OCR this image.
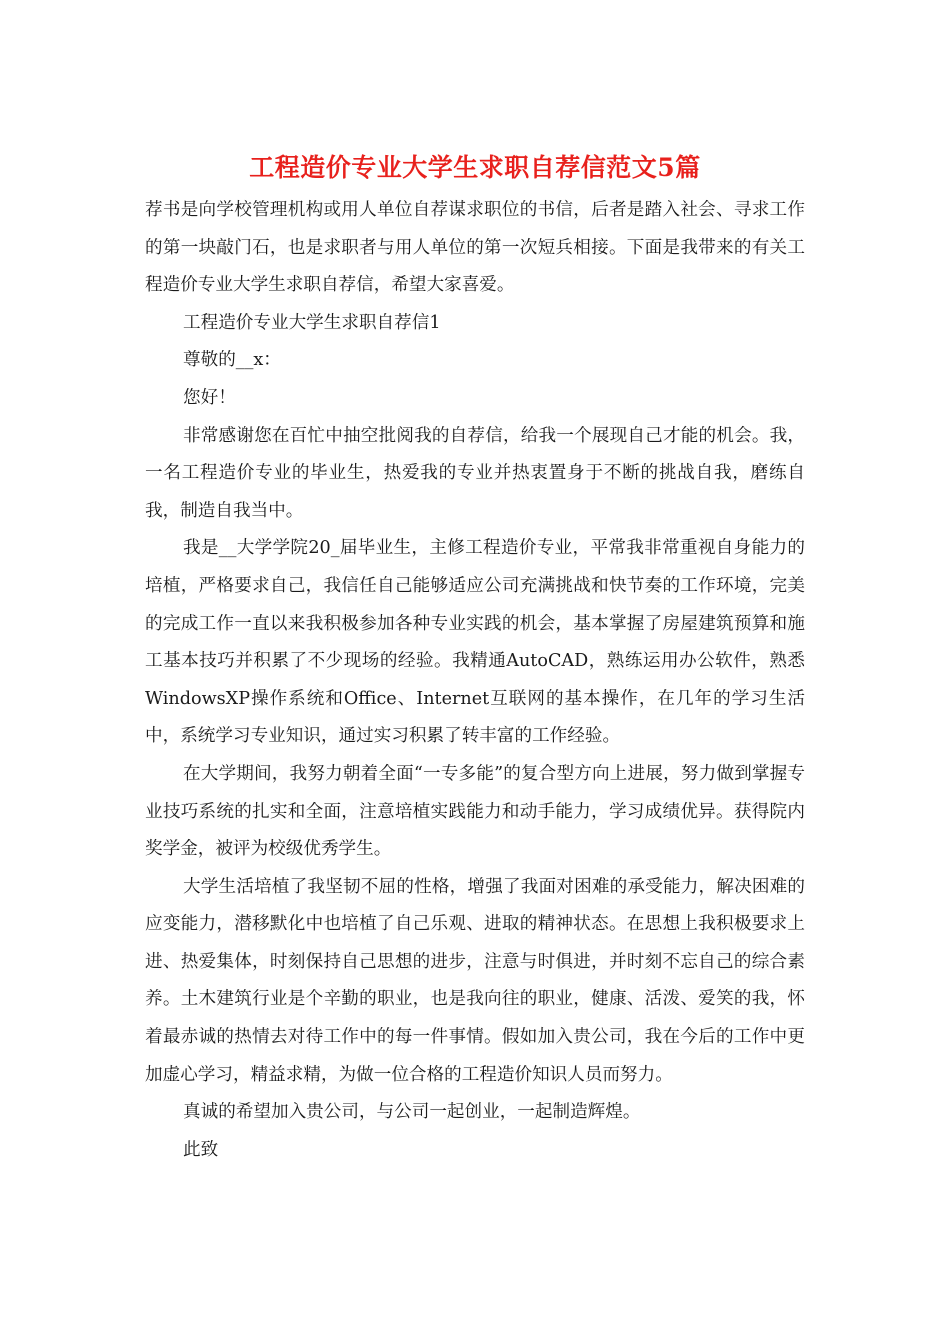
工程造价专业大学生求职自荐信范文5篇

荐书是向学校管理机构或用人单位自荐谋求职位的书信，后者是踏入社会、寻求工作的第一块敲门石，也是求职者与用人单位的第一次短兵相接。下面是我带来的有关工程造价专业大学生求职自荐信，希望大家喜爱。

工程造价专业大学生求职自荐信1

尊敬的__x：

您好！

非常感谢您在百忙中抽空批阅我的自荐信，给我一个展现自己才能的机会。我，一名工程造价专业的毕业生，热爱我的专业并热衷置身于不断的挑战自我，磨练自我，制造自我当中。

我是__大学学院20_届毕业生，主修工程造价专业，平常我非常重视自身能力的培植，严格要求自己，我信任自己能够适应公司充满挑战和快节奏的工作环境，完美的完成工作一直以来我积极参加各种专业实践的机会，基本掌握了房屋建筑预算和施工基本技巧并积累了不少现场的经验。我精通AutoCAD，熟练运用办公软件，熟悉WindowsXP操作系统和Office、Internet互联网的基本操作，在几年的学习生活中，系统学习专业知识，通过实习积累了转丰富的工作经验。

在大学期间，我努力朝着全面“一专多能”的复合型方向上进展，努力做到掌握专业技巧系统的扎实和全面，注意培植实践能力和动手能力，学习成绩优异。获得院内奖学金，被评为校级优秀学生。

大学生活培植了我坚韧不屈的性格，增强了我面对困难的承受能力，解决困难的应变能力，潜移默化中也培植了自己乐观、进取的精神状态。在思想上我积极要求上进、热爱集体，时刻保持自己思想的进步，注意与时俱进，并时刻不忘自己的综合素养。土木建筑行业是个辛勤的职业，也是我向往的职业，健康、活泼、爱笑的我，怀着最赤诚的热情去对待工作中的每一件事情。假如加入贵公司，我在今后的工作中更加虚心学习，精益求精，为做一位合格的工程造价知识人员而努力。

真诚的希望加入贵公司，与公司一起创业，一起制造辉煌。

此致
